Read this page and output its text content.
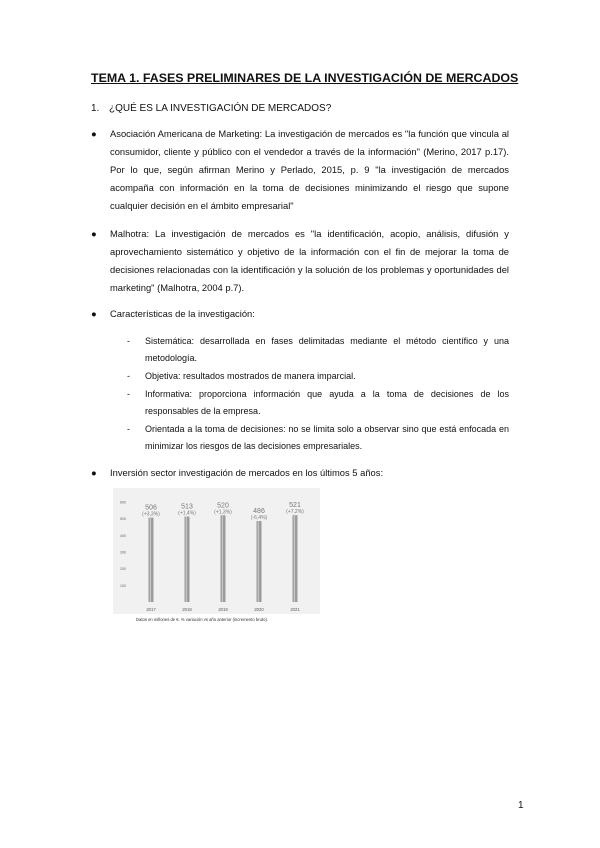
TEMA 1. FASES PRELIMINARES DE LA INVESTIGACIÓN DE MERCADOS
1. ¿QUÉ ES LA INVESTIGACIÓN DE MERCADOS?
● Asociación Americana de Marketing: La investigación de mercados es "la función que vincula al consumidor, cliente y público con el vendedor a través de la información" (Merino, 2017 p.17). Por lo que, según afirman Merino y Perlado, 2015, p. 9 "la investigación de mercados acompaña con información en la toma de decisiones minimizando el riesgo que supone cualquier decisión en el ámbito empresarial"
● Malhotra: La investigación de mercados es "la identificación, acopio, análisis, difusión y aprovechamiento sistemático y objetivo de la información con el fin de mejorar la toma de decisiones relacionadas con la identificación y la solución de los problemas y oportunidades del marketing" (Malhotra, 2004 p.7).
● Características de la investigación:
- Sistemática: desarrollada en fases delimitadas mediante el método científico y una metodología.
- Objetiva: resultados mostrados de manera imparcial.
- Informativa: proporciona información que ayuda a la toma de decisiones de los responsables de la empresa.
- Orientada a la toma de decisiones: no se limita solo a observar sino que está enfocada en minimizar los riesgos de las decisiones empresariales.
● Inversión sector investigación de mercados en los últimos 5 años:
100
200
300
400
500
600
506
(+3,3%)
2017
513
(+1,4%)
2018
520
(+1,3%)
2019
486
(-6,4%)
2020
521
(+7,2%)
2021
Datos en millones de €. % variación vs año anterior (incremento bruto).
1
